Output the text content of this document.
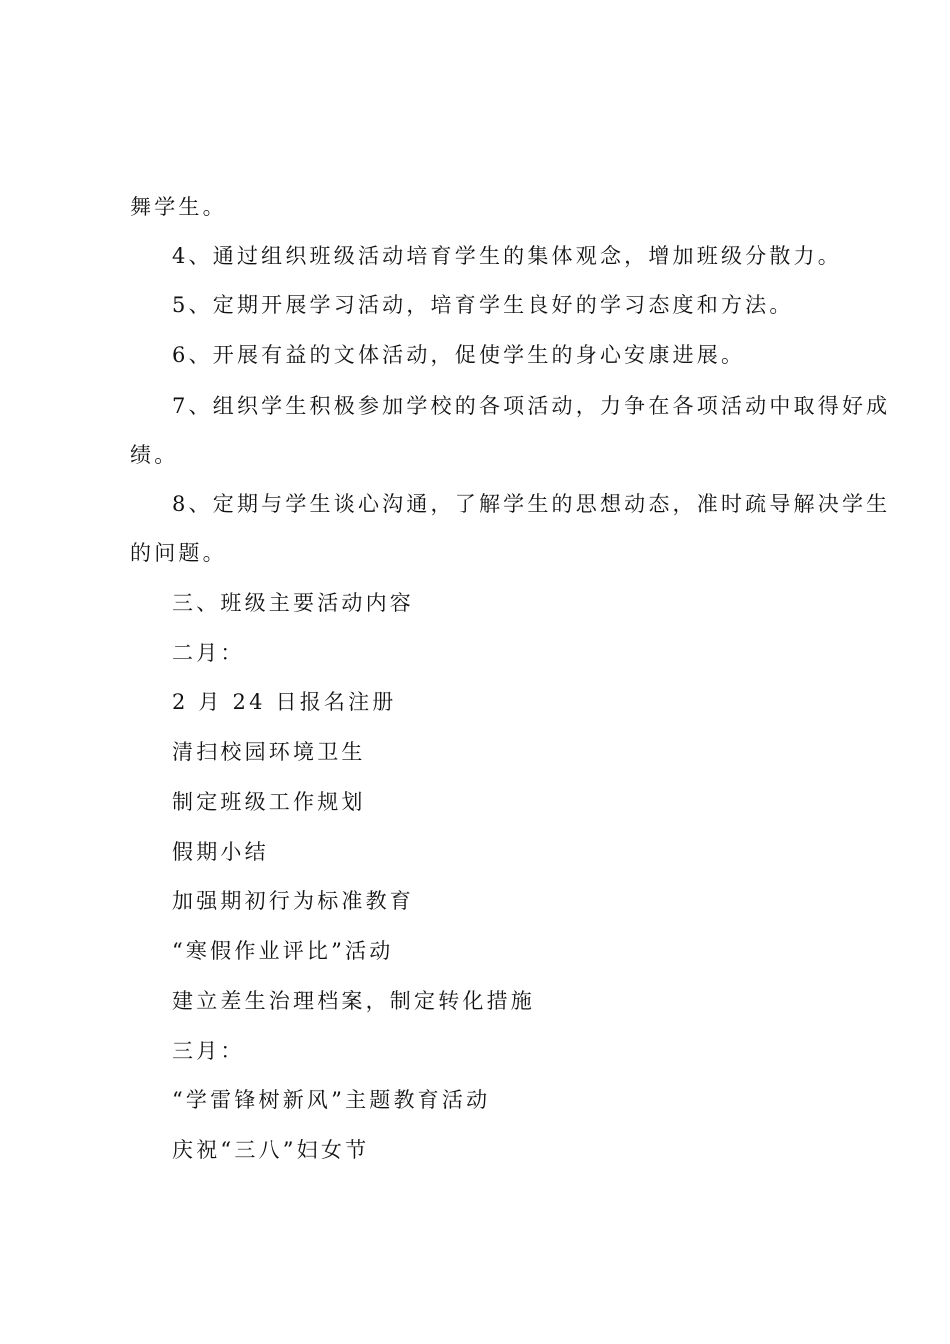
舞学生。
4、通过组织班级活动培育学生的集体观念，增加班级分散力。
5、定期开展学习活动，培育学生良好的学习态度和方法。
6、开展有益的文体活动，促使学生的身心安康进展。
7、组织学生积极参加学校的各项活动，力争在各项活动中取得好成
绩。
8、定期与学生谈心沟通，了解学生的思想动态，准时疏导解决学生
的问题。
三、班级主要活动内容
二月：
2 月 24 日报名注册
清扫校园环境卫生
制定班级工作规划
假期小结
加强期初行为标准教育
“寒假作业评比”活动
建立差生治理档案，制定转化措施
三月：
“学雷锋树新风”主题教育活动
庆祝“三八”妇女节
